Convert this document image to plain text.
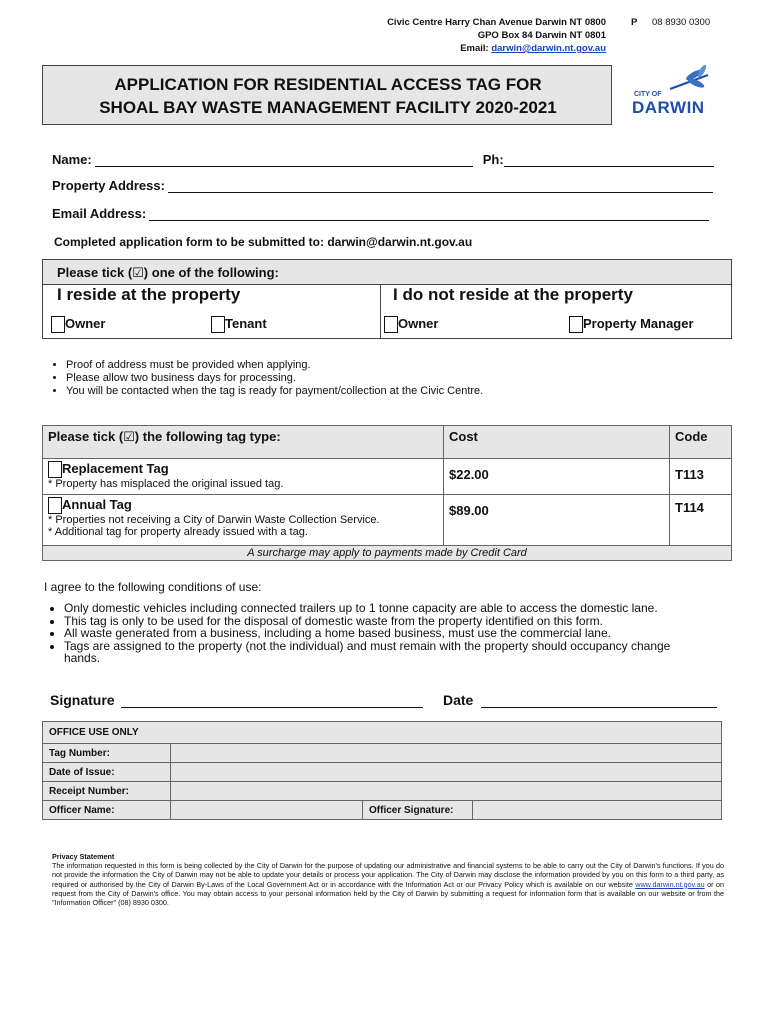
Civic Centre Harry Chan Avenue Darwin NT 0800
GPO Box 84 Darwin NT 0801
Email: darwin@darwin.nt.gov.au
P 08 8930 0300
APPLICATION FOR RESIDENTIAL ACCESS TAG FOR
SHOAL BAY WASTE MANAGEMENT FACILITY 2020-2021
CITY OF
DARWIN
Name:	Ph:
Property Address:
Email Address:
Completed application form to be submitted to: darwin@darwin.nt.gov.au
Please tick (☑) one of the following:
I reside at the property	I do not reside at the property
Owner	Tenant	Owner	Property Manager
• Proof of address must be provided when applying.
• Please allow two business days for processing.
• You will be contacted when the tag is ready for payment/collection at the Civic Centre.
Please tick (☑) the following tag type:	Cost	Code

Replacement Tag
* Property has misplaced the original issued tag.	$22.00	T113

Annual Tag
* Properties not receiving a City of Darwin Waste Collection Service.
* Additional tag for property already issued with a tag.	$89.00	T114
A surcharge may apply to payments made by Credit Card		
I agree to the following conditions of use:
• Only domestic vehicles including connected trailers up to 1 tonne capacity are able to access the domestic lane.
• This tag is only to be used for the disposal of domestic waste from the property identified on this form.
• All waste generated from a business, including a home based business, must use the commercial lane.
• Tags are assigned to the property (not the individual) and must remain with the property should occupancy change hands.
Signature	Date
OFFICE USE ONLY			
Tag Number:			
Date of Issue:			
Receipt Number:			
Officer Name:		Officer Signature:	
Privacy Statement
The information requested in this form is being collected by the City of Darwin for the purpose of updating our administrative and financial systems to be able to carry out the City of Darwin's functions. If you do not provide the information the City of Darwin may not be able to update your details or process your application. The City of Darwin may disclose the information provided by you on this form to a third party, as required or authorised by the City of Darwin By-Laws of the Local Government Act or in accordance with the Information Act or our Privacy Policy which is available on our website www.darwin.nt.gov.au or on request from the City of Darwin's office. You may obtain access to your personal information held by the City of Darwin by submitting a request for information form that is available on our website or from the "Information Officer" (08) 8930 0300.
